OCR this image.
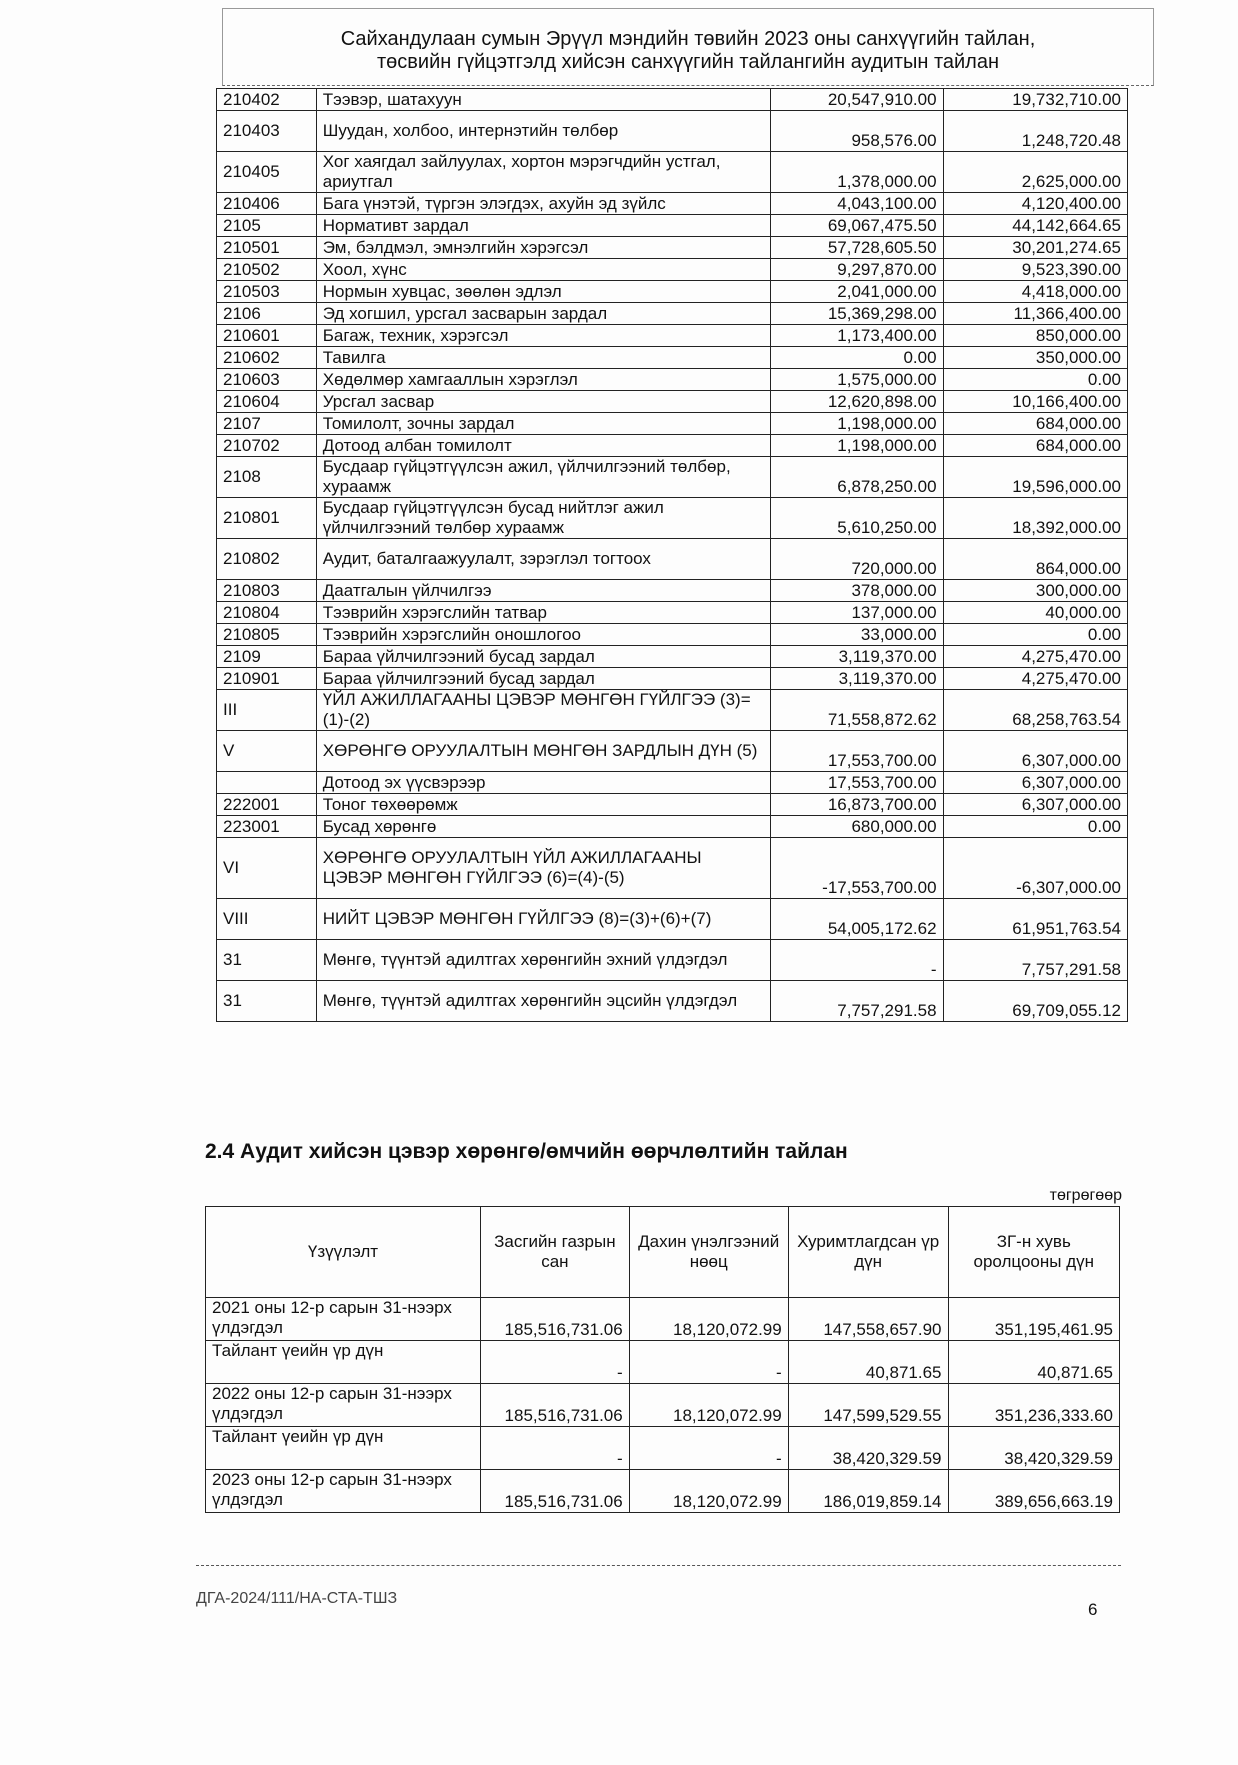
Сайхандулаан сумын Эрүүл мэндийн төвийн 2023 оны санхүүгийн тайлан,
төсвийн гүйцэтгэлд хийсэн санхүүгийн тайлангийн аудитын тайлан
210402	Тээвэр, шатахуун	20,547,910.00	19,732,710.00
210403	Шуудан, холбоо, интернэтийн төлбөр	958,576.00	1,248,720.48
210405	Хог хаягдал зайлуулах, хортон мэрэгчдийн устгал, ариутгал	1,378,000.00	2,625,000.00
210406	Бага үнэтэй, түргэн элэгдэх, ахуйн эд зүйлс	4,043,100.00	4,120,400.00
2105	Нормативт зардал	69,067,475.50	44,142,664.65
210501	Эм, бэлдмэл, эмнэлгийн хэрэгсэл	57,728,605.50	30,201,274.65
210502	Хоол, хүнс	9,297,870.00	9,523,390.00
210503	Нормын хувцас, зөөлөн эдлэл	2,041,000.00	4,418,000.00
2106	Эд хогшил, урсгал засварын зардал	15,369,298.00	11,366,400.00
210601	Багаж, техник, хэрэгсэл	1,173,400.00	850,000.00
210602	Тавилга	0.00	350,000.00
210603	Хөдөлмөр хамгааллын хэрэглэл	1,575,000.00	0.00
210604	Урсгал засвар	12,620,898.00	10,166,400.00
2107	Томилолт, зочны зардал	1,198,000.00	684,000.00
210702	Дотоод албан томилолт	1,198,000.00	684,000.00
2108	Бусдаар гүйцэтгүүлсэн ажил, үйлчилгээний төлбөр, хураамж	6,878,250.00	19,596,000.00
210801	Бусдаар гүйцэтгүүлсэн бусад нийтлэг ажил үйлчилгээний төлбөр хураамж	5,610,250.00	18,392,000.00
210802	Аудит, баталгаажуулалт, зэрэглэл тогтоох	720,000.00	864,000.00
210803	Даатгалын үйлчилгээ	378,000.00	300,000.00
210804	Тээврийн хэрэгслийн татвар	137,000.00	40,000.00
210805	Тээврийн хэрэгслийн оношлогоо	33,000.00	0.00
2109	Бараа үйлчилгээний бусад зардал	3,119,370.00	4,275,470.00
210901	Бараа үйлчилгээний бусад зардал	3,119,370.00	4,275,470.00
III	ҮЙЛ АЖИЛЛАГААНЫ ЦЭВЭР МӨНГӨН ГҮЙЛГЭЭ (3)=(1)-(2)	71,558,872.62	68,258,763.54
V	ХӨРӨНГӨ ОРУУЛАЛТЫН МӨНГӨН ЗАРДЛЫН ДҮН (5)	17,553,700.00	6,307,000.00
	Дотоод эх үүсвэрээр	17,553,700.00	6,307,000.00
222001	Тоног төхөөрөмж	16,873,700.00	6,307,000.00
223001	Бусад хөрөнгө	680,000.00	0.00
VI	ХӨРӨНГӨ ОРУУЛАЛТЫН ҮЙЛ АЖИЛЛАГААНЫ ЦЭВЭР МӨНГӨН ГҮЙЛГЭЭ (6)=(4)-(5)	-17,553,700.00	-6,307,000.00
VIII	НИЙТ ЦЭВЭР МӨНГӨН ГҮЙЛГЭЭ (8)=(3)+(6)+(7)	54,005,172.62	61,951,763.54
31	Мөнгө, түүнтэй адилтгах хөрөнгийн эхний үлдэгдэл	-	7,757,291.58
31	Мөнгө, түүнтэй адилтгах хөрөнгийн эцсийн үлдэгдэл	7,757,291.58	69,709,055.12
2.4 Аудит хийсэн цэвэр хөрөнгө/өмчийн өөрчлөлтийн тайлан
төгрөгөөр
Үзүүлэлт	Засгийн газрын сан	Дахин үнэлгээний нөөц	Хуримтлагдсан үр дүн	ЗГ-н хувь оролцооны дүн
2021 оны 12-р сарын 31-нээрх үлдэгдэл	185,516,731.06	18,120,072.99	147,558,657.90	351,195,461.95
Тайлант үеийн үр дүн	-	-	40,871.65	40,871.65
2022 оны 12-р сарын 31-нээрх үлдэгдэл	185,516,731.06	18,120,072.99	147,599,529.55	351,236,333.60
Тайлант үеийн үр дүн	-	-	38,420,329.59	38,420,329.59
2023 оны 12-р сарын 31-нээрх үлдэгдэл	185,516,731.06	18,120,072.99	186,019,859.14	389,656,663.19
ДГА-2024/111/НА-СТА-ТШЗ
6
